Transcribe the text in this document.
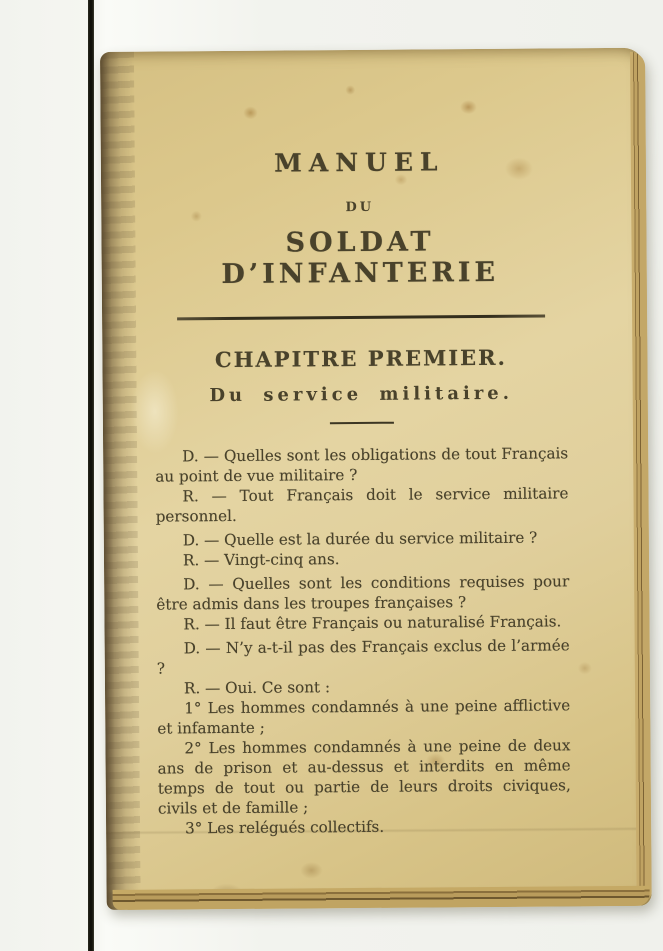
MANUEL
DU
SOLDAT D’INFANTERIE
CHAPITRE PREMIER.
Du service militaire.

D. — Quelles sont les obligations de tout Français au point de vue militaire ?

R. — Tout Français doit le service militaire personnel.

D. — Quelle est la durée du service militaire ?

R. — Vingt-cinq ans.

D. — Quelles sont les conditions requises pour être admis dans les troupes françaises ?

R. — Il faut être Français ou naturalisé Français.

D. — N’y a-t-il pas des Français exclus de l’armée ?

R. — Oui. Ce sont :

1° Les hommes condamnés à une peine afflictive et infamante ;

2° Les hommes condamnés à une peine de deux ans de prison et au-dessus et interdits en même temps de tout ou partie de leurs droits civiques, civils et de famille ;

3° Les relégués collectifs.
